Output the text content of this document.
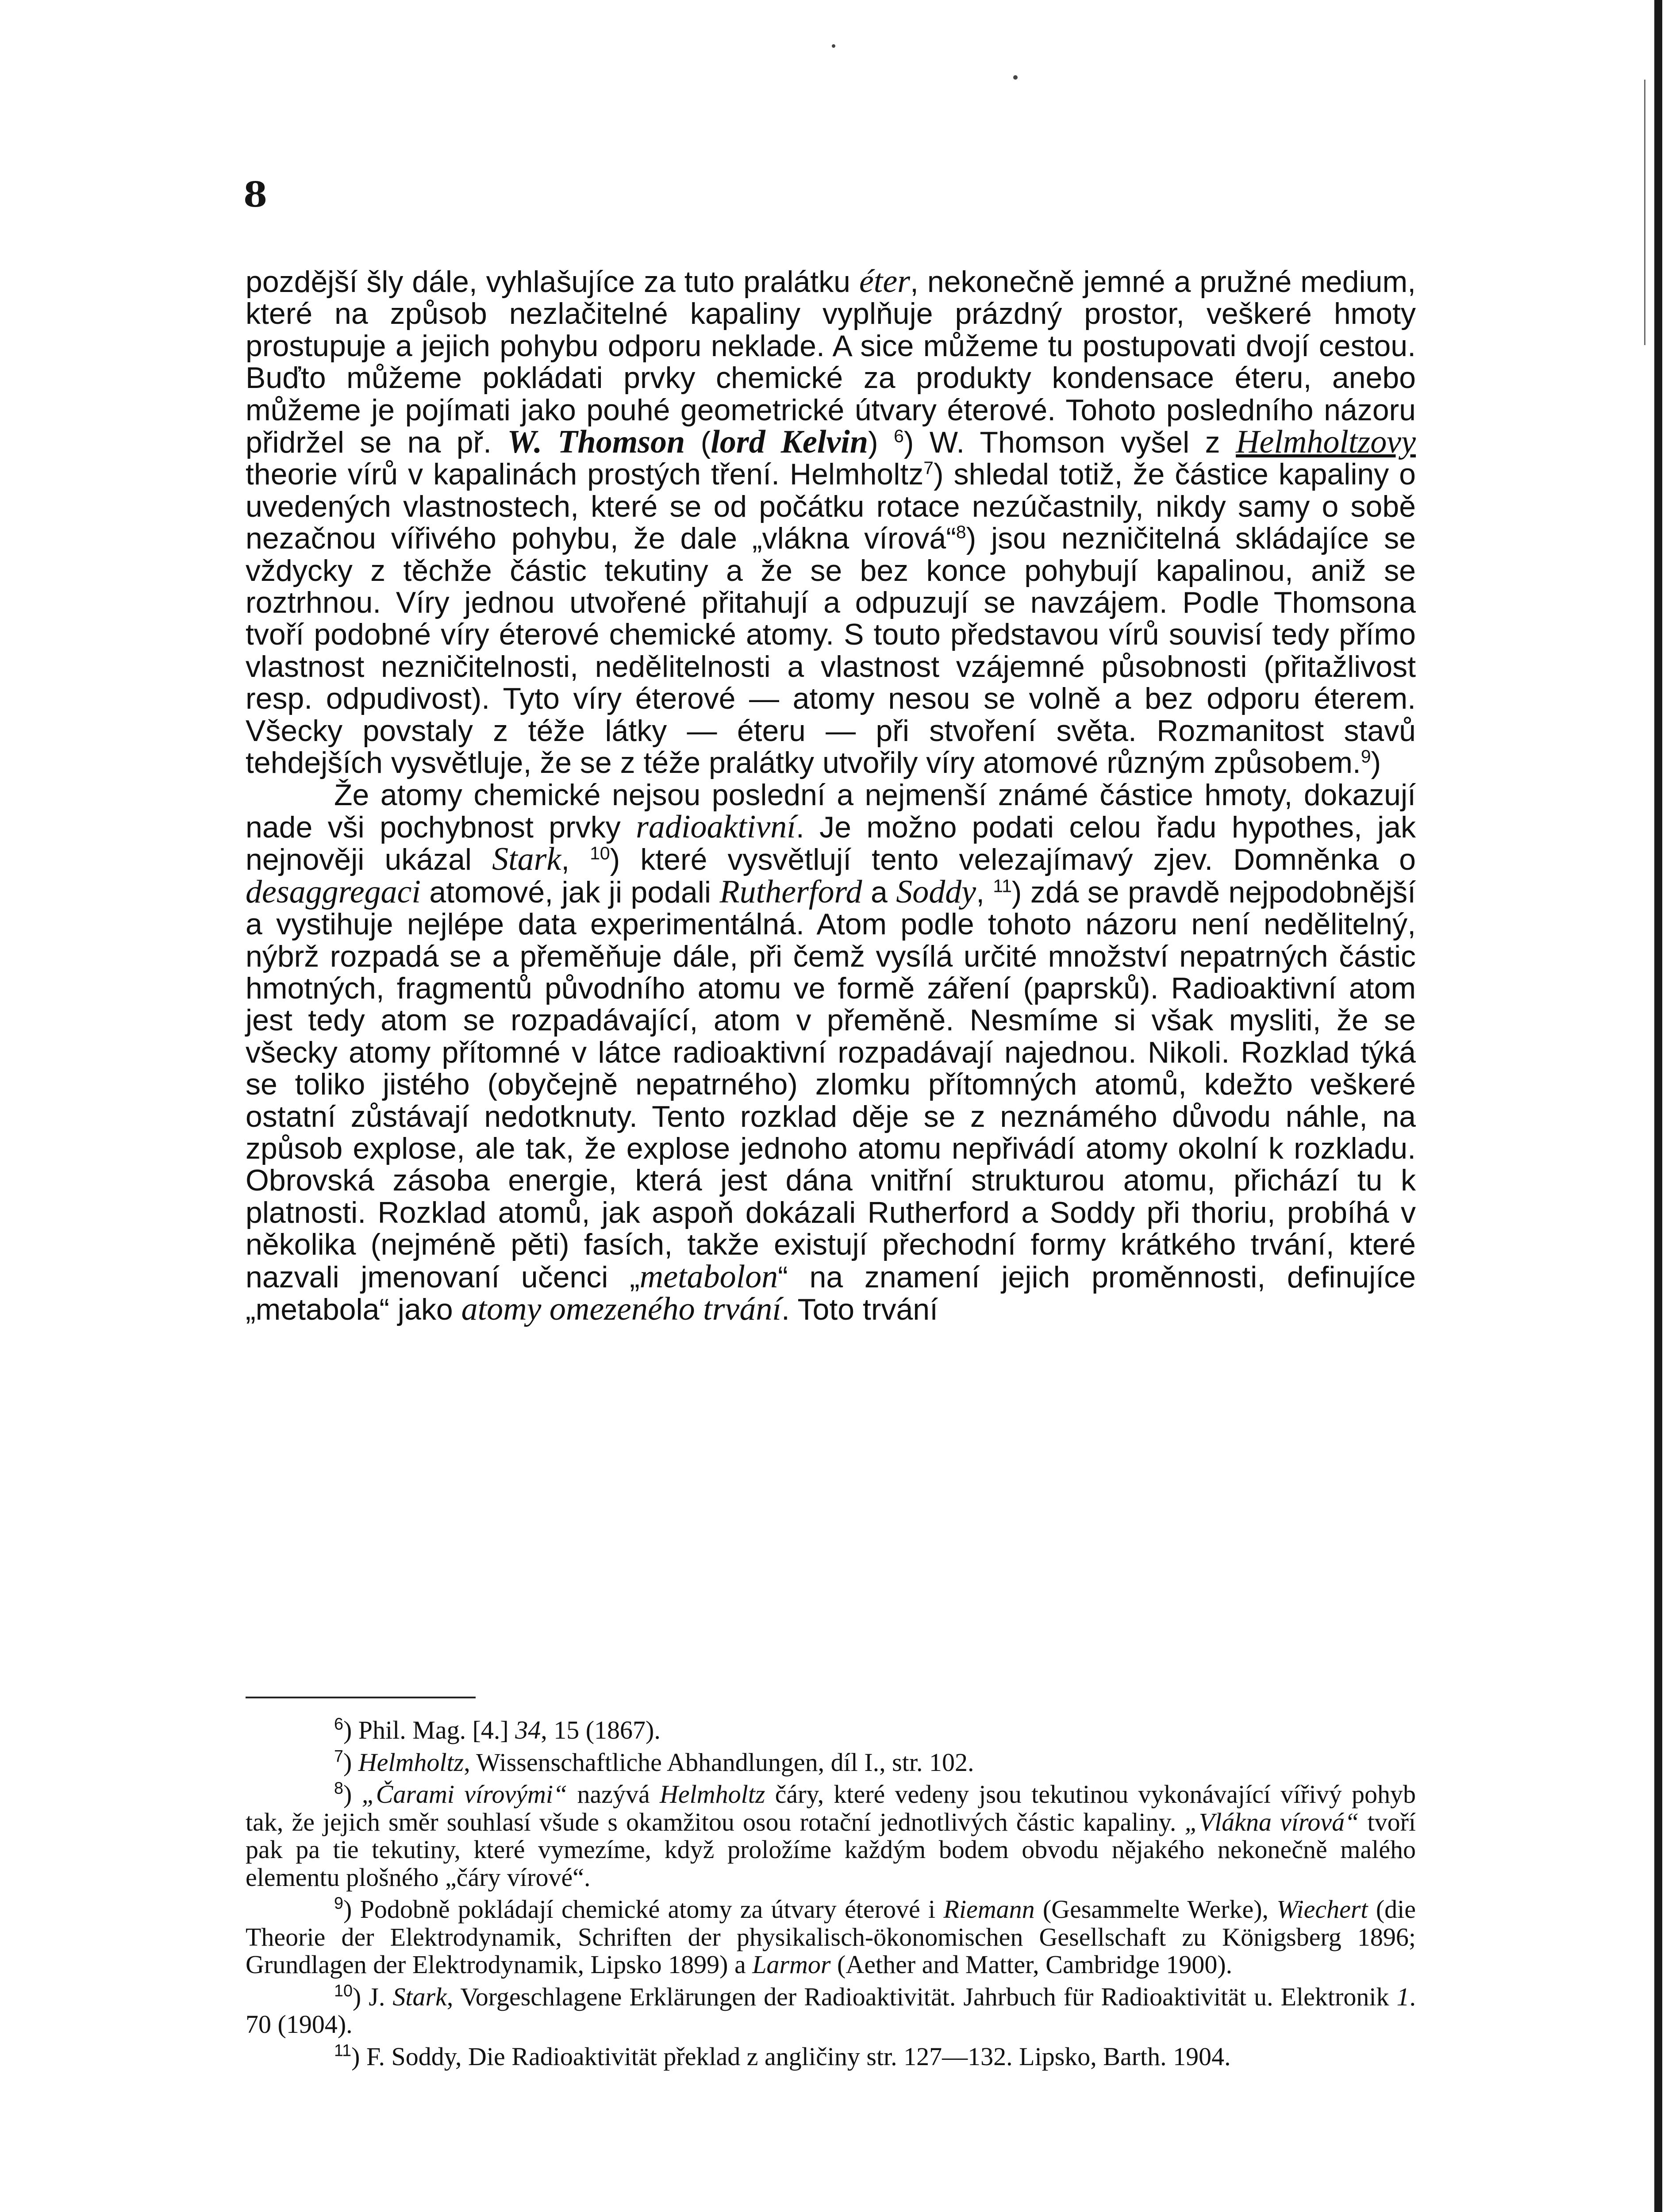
8

pozdější šly dále, vyhlašujíce za tuto pralátku éter, nekonečně jemné a pružné medium, které na způsob nezlačitelné kapaliny vyplňuje prázdný prostor, veškeré hmoty prostupuje a jejich pohybu odporu neklade. A sice můžeme tu postupovati dvojí cestou. Buďto můžeme pokládati prvky chemické za produkty kondensace éteru, anebo můžeme je pojímati jako pouhé geometrické útvary éterové. Tohoto posledního názoru přidržel se na př. W. Thomson (lord Kelvin) $^6$) W. Thomson vyšel z Helmholtzovy theorie vírů v kapalinách prostých tření. Helmholtz$^7$) shledal totiž, že částice kapaliny o uvedených vlastnostech, které se od počátku rotace nezúčastnily, nikdy samy o sobě nezačnou vířivého pohybu, že dale „vlákna vírová“$^8$) jsou nezničitelná skládajíce se vždycky z těchže částic tekutiny a že se bez konce pohybují kapalinou, aniž se roztrhnou. Víry jednou utvořené přitahují a odpuzují se navzájem. Podle Thomsona tvoří podobné víry éterové chemické atomy. S touto představou vírů souvisí tedy přímo vlastnost nezničitelnosti, nedělitelnosti a vlastnost vzájemné působnosti (přitažlivost resp. odpudivost). Tyto víry éterové — atomy nesou se volně a bez odporu éterem. Všecky povstaly z téže látky — éteru — při stvoření světa. Rozmanitost stavů tehdejších vysvětluje, že se z téže pralátky utvořily víry atomové různým způsobem.$^9$)

Že atomy chemické nejsou poslední a nejmenší známé částice hmoty, dokazují nade vši pochybnost prvky radioaktivní. Je možno podati celou řadu hypothes, jak nejnověji ukázal Stark, $^{10}$) které vysvětlují tento velezajímavý zjev. Domněnka o desaggregaci atomové, jak ji podali Rutherford a Soddy, $^{11}$) zdá se pravdě nejpodobnější a vystihuje nejlépe data experimentálná. Atom podle tohoto názoru není nedělitelný, nýbrž rozpadá se a přeměňuje dále, při čemž vysílá určité množství nepatrných částic hmotných, fragmentů původního atomu ve formě záření (paprsků). Radioaktivní atom jest tedy atom se rozpadávající, atom v přeměně. Nesmíme si však mysliti, že se všecky atomy přítomné v látce radioaktivní rozpadávají najednou. Nikoli. Rozklad týká se toliko jistého (obyčejně nepatrného) zlomku přítomných atomů, kdežto veškeré ostatní zůstávají nedotknuty. Tento rozklad děje se z neznámého důvodu náhle, na způsob explose, ale tak, že explose jednoho atomu nepřivádí atomy okolní k rozkladu. Obrovská zásoba energie, která jest dána vnitřní strukturou atomu, přichází tu k platnosti. Rozklad atomů, jak aspoň dokázali Rutherford a Soddy při thoriu, probíhá v několika (nejméně pěti) fasích, takže existují přechodní formy krátkého trvání, které nazvali jmenovaní učenci „metabolon“ na znamení jejich proměnnosti, definujíce „metabola“ jako atomy omezeného trvání. Toto trvání

$^6$) Phil. Mag. [4.] 34, 15 (1867).

$^7$) Helmholtz, Wissenschaftliche Abhandlungen, díl I., str. 102.

$^8$) „Čarami vírovými“ nazývá Helmholtz čáry, které vedeny jsou tekutinou vykonávající vířivý pohyb tak, že jejich směr souhlasí všude s okamžitou osou rotační jednotlivých částic kapaliny. „Vlákna vírová“ tvoří pak pa tie tekutiny, které vymezíme, když proložíme každým bodem obvodu nějakého nekonečně malého elementu plošného „čáry vírové“.

$^9$) Podobně pokládají chemické atomy za útvary éterové i Riemann (Gesammelte Werke), Wiechert (die Theorie der Elektrodynamik, Schriften der physikalisch-ökonomischen Gesellschaft zu Königsberg 1896; Grundlagen der Elektrodynamik, Lipsko 1899) a Larmor (Aether and Matter, Cambridge 1900).

$^{10}$) J. Stark, Vorgeschlagene Erklärungen der Radioaktivität. Jahrbuch für Radioaktivität u. Elektronik 1. 70 (1904).

$^{11}$) F. Soddy, Die Radioaktivität překlad z angličiny str. 127—132. Lipsko, Barth. 1904.
